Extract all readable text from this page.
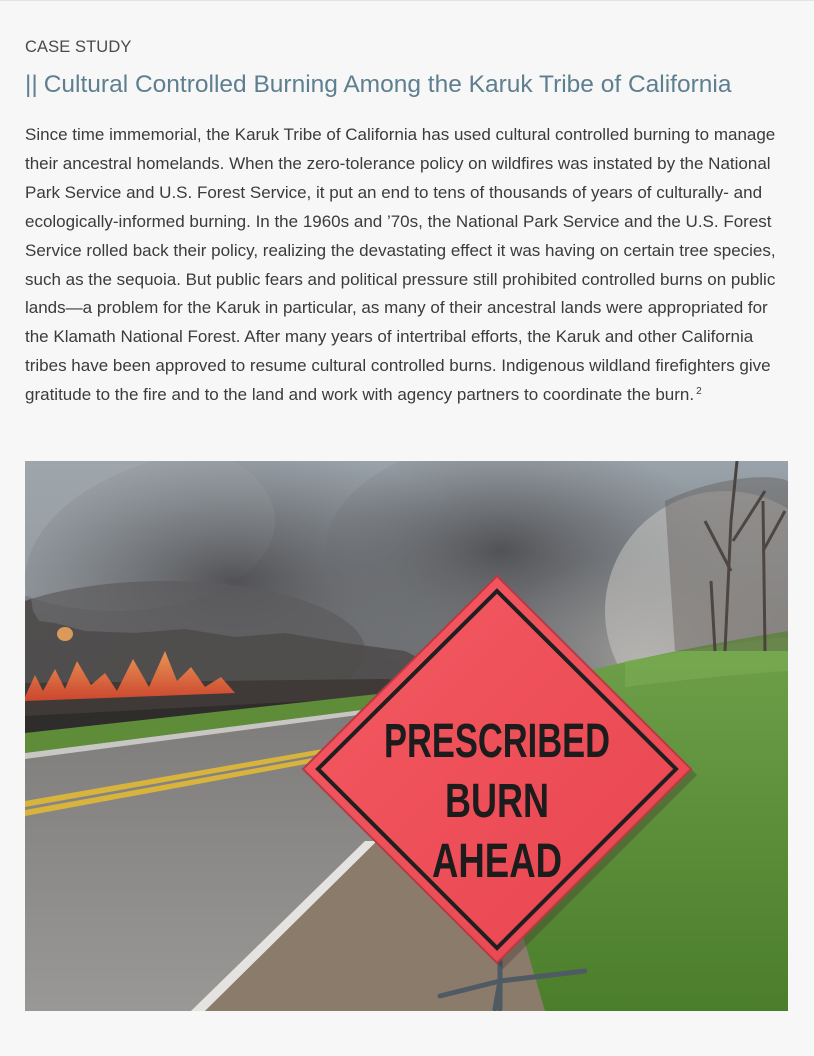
CASE STUDY
|| Cultural Controlled Burning Among the Karuk Tribe of California

Since time immemorial, the Karuk Tribe of California has used cultural controlled burning to manage their ancestral homelands. When the zero-tolerance policy on wildfires was instated by the National Park Service and U.S. Forest Service, it put an end to tens of thousands of years of culturally- and ecologically-informed burning. In the 1960s and ’70s, the National Park Service and the U.S. Forest Service rolled back their policy, realizing the devastating effect it was having on certain tree species, such as the sequoia. But public fears and political pressure still prohibited controlled burns on public lands—a problem for the Karuk in particular, as many of their ancestral lands were appropriated for the Klamath National Forest. After many years of intertribal efforts, the Karuk and other California tribes have been approved to resume cultural controlled burns. Indigenous wildland firefighters give gratitude to the fire and to the land and work with agency partners to coordinate the burn. $^2$

PRESCRIBED
BURN
AHEAD
